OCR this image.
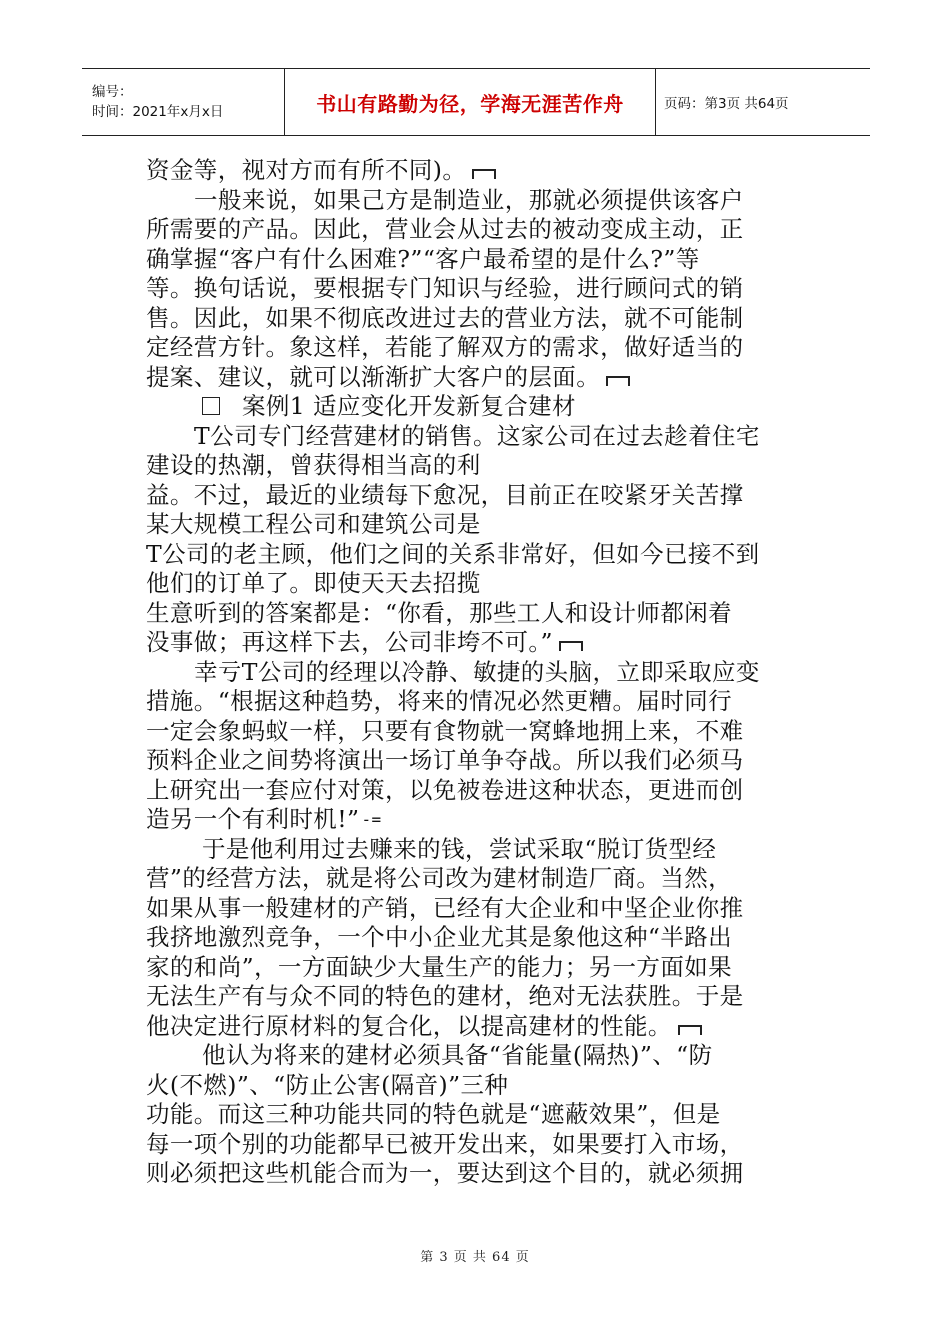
编号：
时间：2021年x月x日	书山有路勤为径，学海无涯苦作舟	页码：第3页 共64页
资金等，视对方而有所不同)。
一般来说，如果己方是制造业，那就必须提供该客户
所需要的产品。因此，营业会从过去的被动变成主动，正
确掌握“客户有什么困难?”“客户最希望的是什么?”等
等。换句话说，要根据专门知识与经验，进行顾问式的销
售。因此，如果不彻底改进过去的营业方法，就不可能制
定经营方针。象这样，若能了解双方的需求，做好适当的
提案、建议，就可以渐渐扩大客户的层面。
案例1 适应变化开发新复合建材
T公司专门经营建材的销售。这家公司在过去趁着住宅
建设的热潮，曾获得相当高的利
益。不过，最近的业绩每下愈况，目前正在咬紧牙关苦撑
某大规模工程公司和建筑公司是
T公司的老主顾，他们之间的关系非常好，但如今已接不到
他们的订单了。即使天天去招揽
生意听到的答案都是：“你看，那些工人和设计师都闲着
没事做；再这样下去，公司非垮不可。”
幸亏T公司的经理以冷静、敏捷的头脑，立即采取应变
措施。“根据这种趋势，将来的情况必然更糟。届时同行
一定会象蚂蚁一样，只要有食物就一窝蜂地拥上来，不难
预料企业之间势将演出一场订单争夺战。所以我们必须马
上研究出一套应付对策，以免被卷进这种状态，更进而创
造另一个有利时机!” -=
于是他利用过去赚来的钱，尝试采取“脱订货型经
营”的经营方法，就是将公司改为建材制造厂商。当然，
如果从事一般建材的产销，已经有大企业和中坚企业你推
我挤地激烈竞争，一个中小企业尤其是象他这种“半路出
家的和尚”，一方面缺少大量生产的能力；另一方面如果
无法生产有与众不同的特色的建材，绝对无法获胜。于是
他决定进行原材料的复合化，以提高建材的性能。
他认为将来的建材必须具备“省能量(隔热)”、“防
火(不燃)”、“防止公害(隔音)”三种
功能。而这三种功能共同的特色就是“遮蔽效果”，但是
每一项个别的功能都早已被开发出来，如果要打入市场，
则必须把这些机能合而为一，要达到这个目的，就必须拥
第 3 页 共 64 页
